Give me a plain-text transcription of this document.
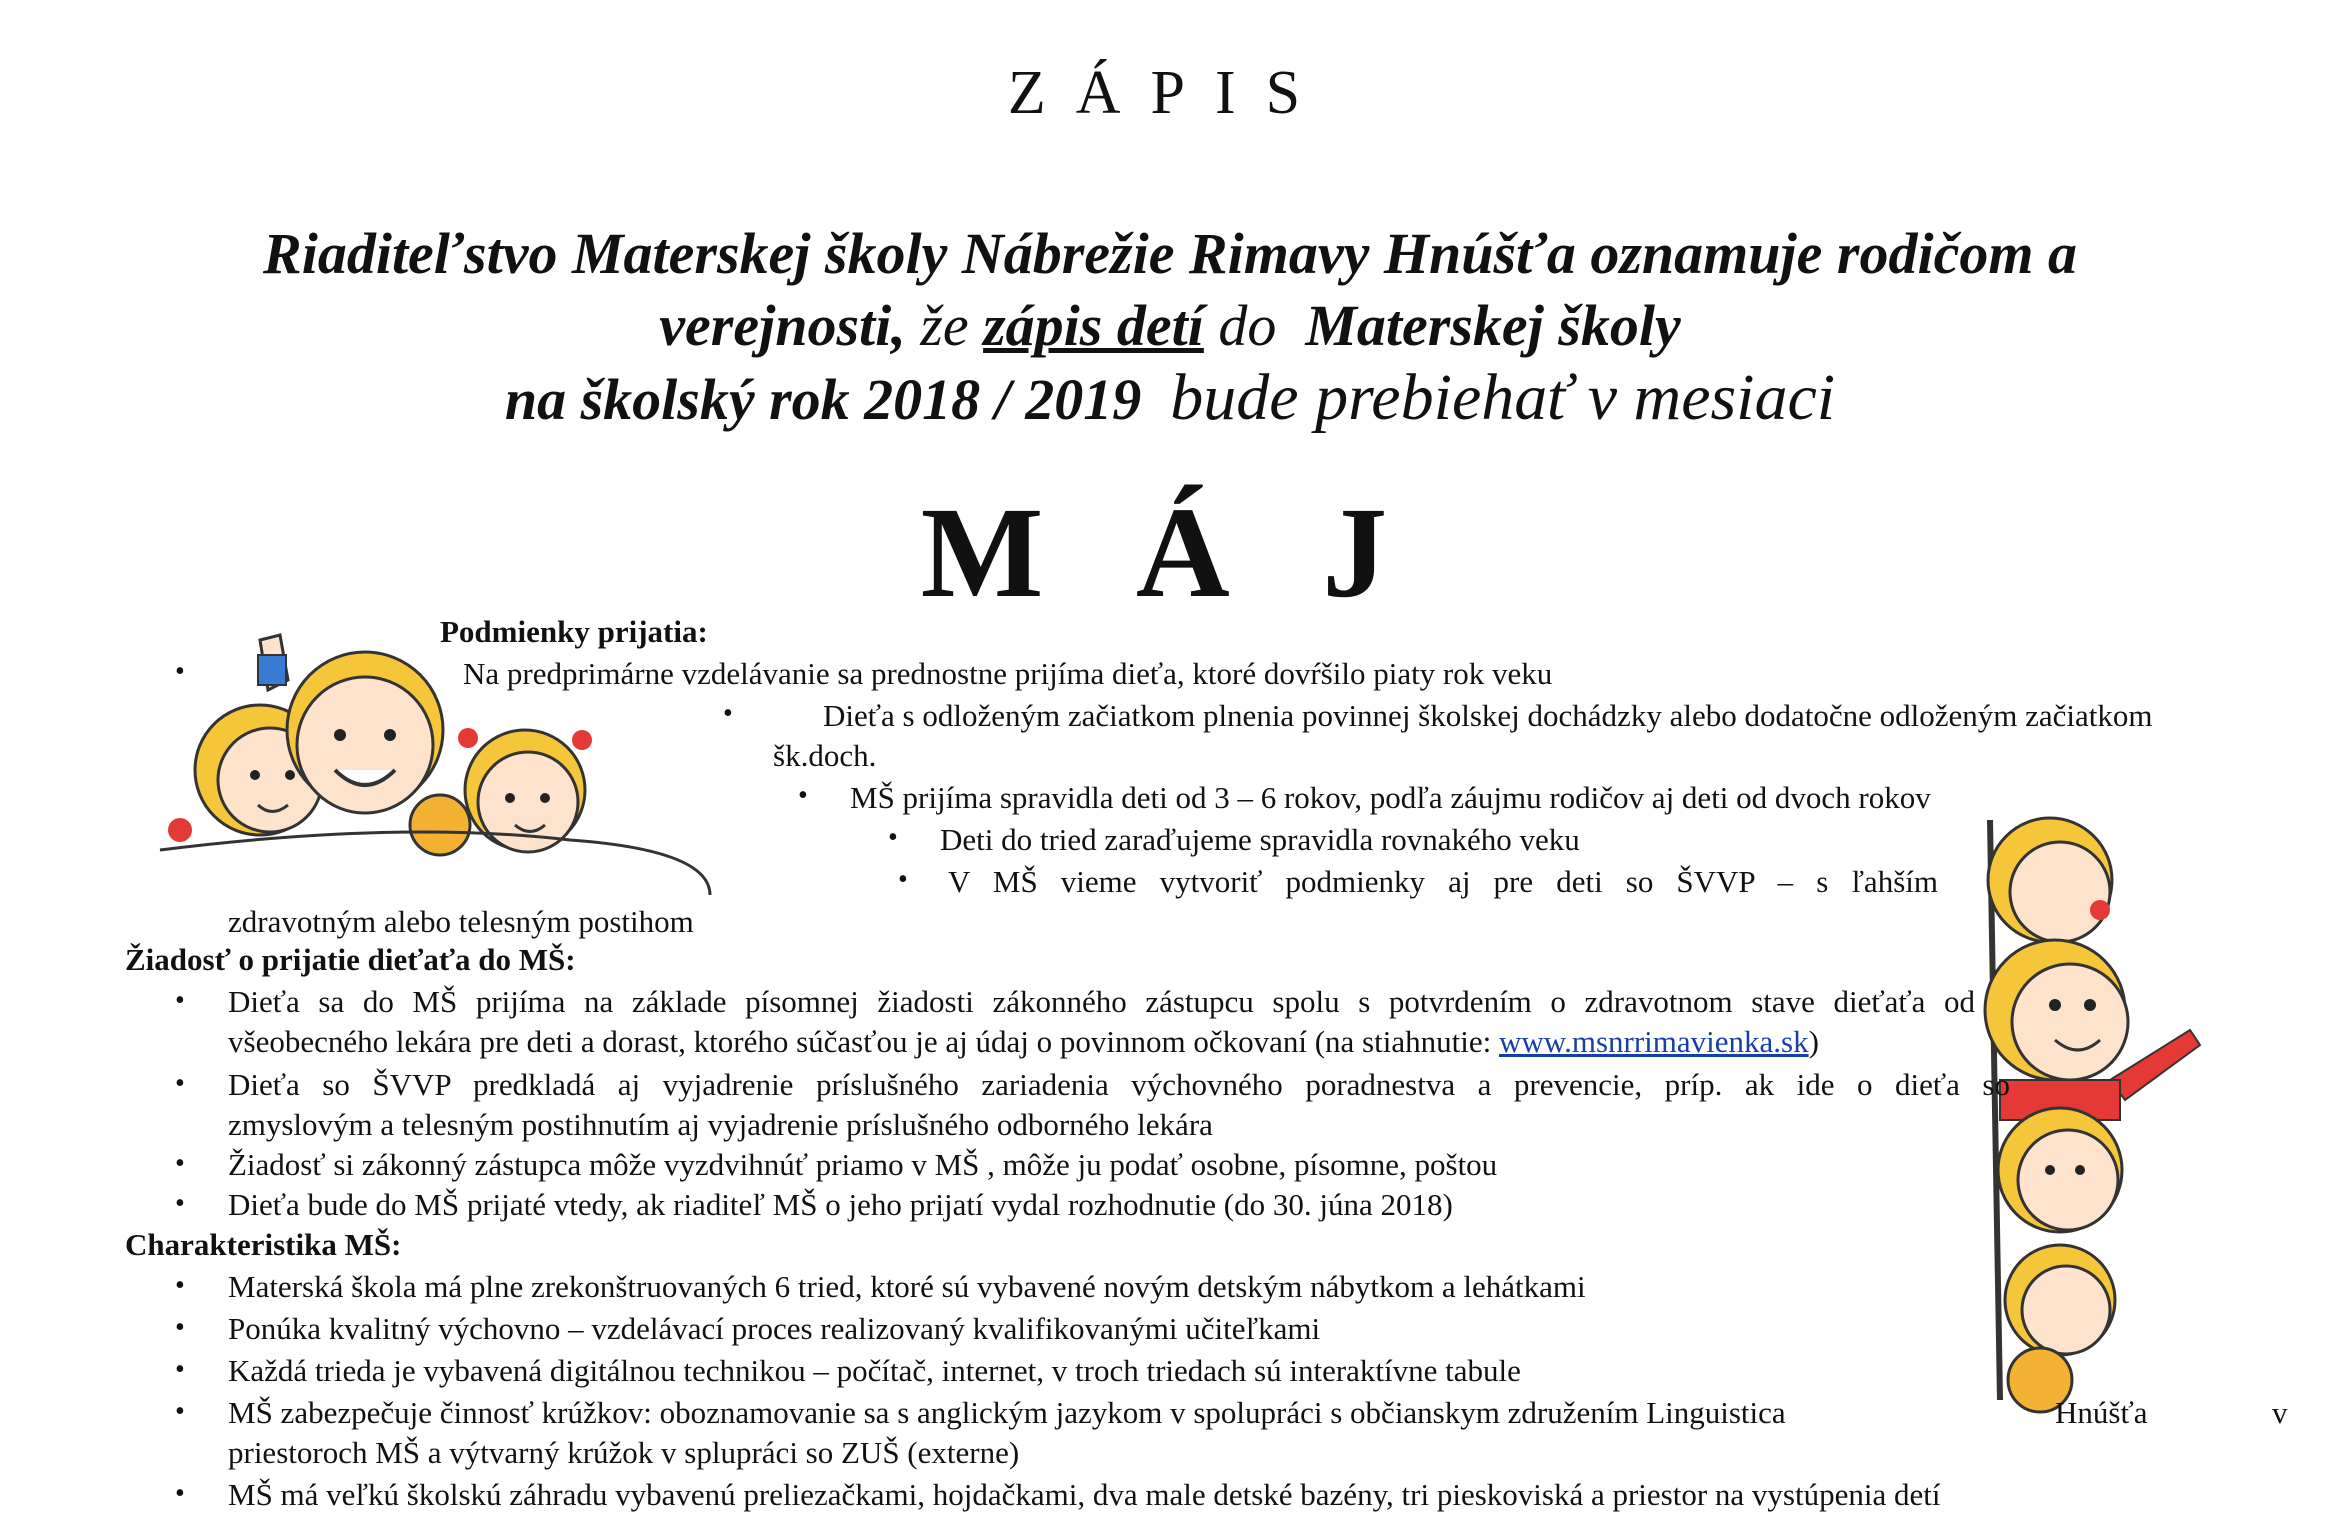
ZÁPIS
Riaditeľstvo Materskej školy Nábrežie Rimavy Hnúšťa oznamuje rodičom a
verejnosti, že zápis detí do Materskej školy
na školský rok 2018 / 2019 bude prebiehať v mesiaci
M Á J
Podmienky prijatia:
•	Na predprimárne vzdelávanie sa prednostne prijíma dieťa, ktoré dovŕšilo piaty rok veku
•	Dieťa s odloženým začiatkom plnenia povinnej školskej dochádzky alebo dodatočne odloženým začiatkom
šk.doch.
• MŠ prijíma spravidla deti od 3 – 6 rokov, podľa záujmu rodičov aj deti od dvoch rokov
• Deti do tried zaraďujeme spravidla rovnakého veku
• V MŠ vieme vytvoriť podmienky aj pre deti so ŠVVP – s ľahším
zdravotným alebo telesným postihom
Žiadosť o prijatie dieťaťa do MŠ:
• Dieťa sa do MŠ prijíma na základe písomnej žiadosti zákonného zástupcu spolu s potvrdením o zdravotnom stave dieťaťa od
všeobecného lekára pre deti a dorast, ktorého súčasťou je aj údaj o povinnom očkovaní (na stiahnutie: www.msnrrimavienka.sk)
• Dieťa so ŠVVP predkladá aj vyjadrenie príslušného zariadenia výchovného poradnestva a prevencie, príp. ak ide o dieťa so
zmyslovým a telesným postihnutím aj vyjadrenie príslušného odborného lekára
• Žiadosť si zákonný zástupca môže vyzdvihnúť priamo v MŠ , môže ju podať osobne, písomne, poštou
• Dieťa bude do MŠ prijaté vtedy, ak riaditeľ MŠ o jeho prijatí vydal rozhodnutie (do 30. júna 2018)
Charakteristika MŠ:
• Materská škola má plne zrekonštruovaných 6 tried, ktoré sú vybavené novým detským nábytkom a lehátkami
• Ponúka kvalitný výchovno – vzdelávací proces realizovaný kvalifikovanými učiteľkami
• Každá trieda je vybavená digitálnou technikou – počítač, internet, v troch triedach sú interaktívne tabule
• MŠ zabezpečuje činnosť krúžkov: oboznamovanie sa s anglickým jazykom v spolupráci s občianskym združením Linguistica	Hnúšťa	v
priestoroch MŠ a výtvarný krúžok v splupráci so ZUŠ (externe)
• MŠ má veľkú školskú záhradu vybavenú preliezačkami, hojdačkami, dva male detské bazény, tri pieskoviská a priestor na vystúpenia detí
